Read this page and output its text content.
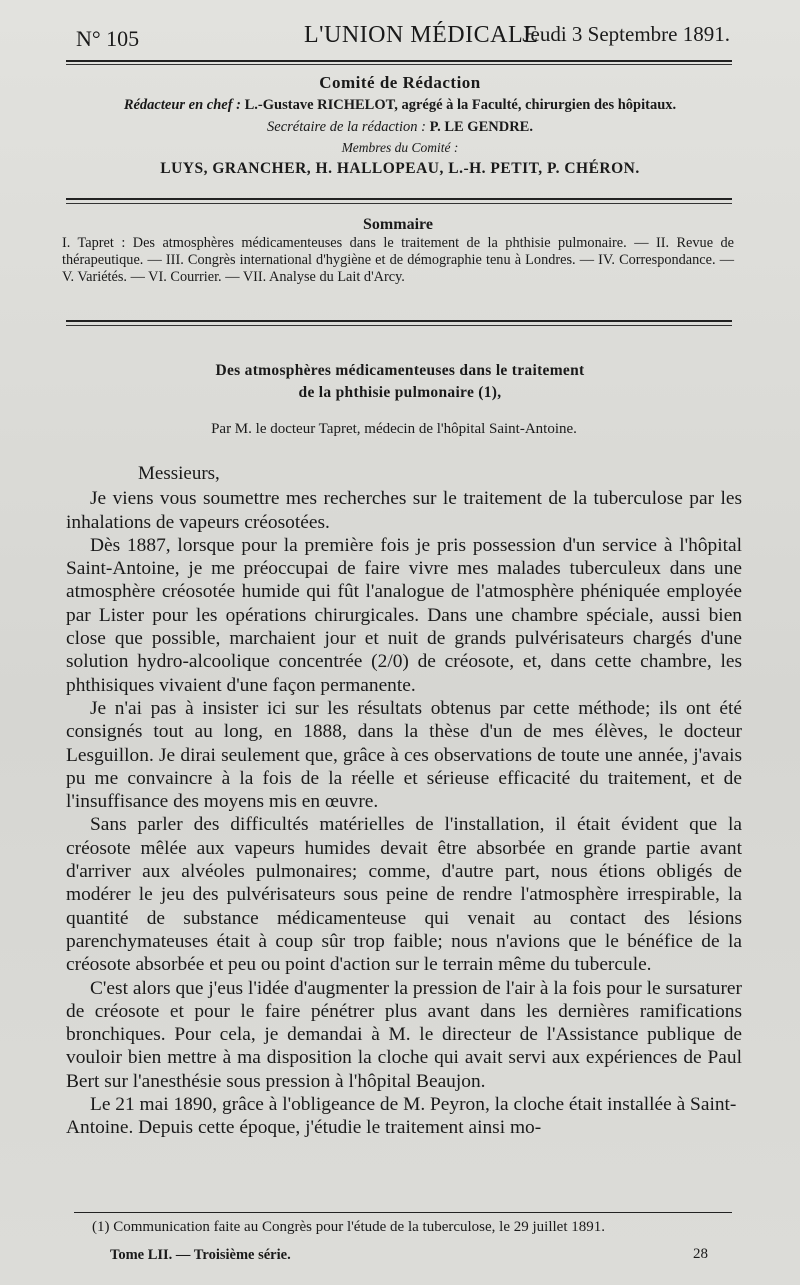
N° 105	L'UNION MÉDICALE
Jeudi 3 Septembre 1891.
Comité de Rédaction
Rédacteur en chef : L.-Gustave RICHELOT, agrégé à la Faculté, chirurgien des hôpitaux.
Secrétaire de la rédaction : P. LE GENDRE.
Membres du Comité :
LUYS, GRANCHER, H. HALLOPEAU, L.-H. PETIT, P. CHÉRON.
Sommaire
I. Tapret : Des atmosphères médicamenteuses dans le traitement de la phthisie pulmonaire. — II. Revue de thérapeutique. — III. Congrès international d'hygiène et de démographie tenu à Londres. — IV. Correspondance. — V. Variétés. — VI. Courrier. — VII. Analyse du Lait d'Arcy.
Des atmosphères médicamenteuses dans le traitement
de la phthisie pulmonaire (1),
Par M. le docteur Tapret, médecin de l'hôpital Saint-Antoine.

Messieurs,

Je viens vous soumettre mes recherches sur le traitement de la tuberculose par les inhalations de vapeurs créosotées.

Dès 1887, lorsque pour la première fois je pris possession d'un service à l'hôpital Saint-Antoine, je me préoccupai de faire vivre mes malades tuberculeux dans une atmosphère créosotée humide qui fût l'analogue de l'atmosphère phéniquée employée par Lister pour les opérations chirurgicales. Dans une chambre spéciale, aussi bien close que possible, marchaient jour et nuit de grands pulvérisateurs chargés d'une solution hydro-alcoolique concentrée (2/0) de créosote, et, dans cette chambre, les phthisiques vivaient d'une façon permanente.

Je n'ai pas à insister ici sur les résultats obtenus par cette méthode; ils ont été consignés tout au long, en 1888, dans la thèse d'un de mes élèves, le docteur Lesguillon. Je dirai seulement que, grâce à ces observations de toute une année, j'avais pu me convaincre à la fois de la réelle et sérieuse efficacité du traitement, et de l'insuffisance des moyens mis en œuvre.

Sans parler des difficultés matérielles de l'installation, il était évident que la créosote mêlée aux vapeurs humides devait être absorbée en grande partie avant d'arriver aux alvéoles pulmonaires; comme, d'autre part, nous étions obligés de modérer le jeu des pulvérisateurs sous peine de rendre l'atmosphère irrespirable, la quantité de substance médicamenteuse qui venait au contact des lésions parenchymateuses était à coup sûr trop faible; nous n'avions que le bénéfice de la créosote absorbée et peu ou point d'action sur le terrain même du tubercule.

C'est alors que j'eus l'idée d'augmenter la pression de l'air à la fois pour le sursaturer de créosote et pour le faire pénétrer plus avant dans les dernières ramifications bronchiques. Pour cela, je demandai à M. le directeur de l'Assistance publique de vouloir bien mettre à ma disposition la cloche qui avait servi aux expériences de Paul Bert sur l'anesthésie sous pression à l'hôpital Beaujon.

Le 21 mai 1890, grâce à l'obligeance de M. Peyron, la cloche était installée à Saint-Antoine. Depuis cette époque, j'étudie le traitement ainsi mo-

(1) Communication faite au Congrès pour l'étude de la tuberculose, le 29 juillet 1891.
Tome LII. — Troisième série.	28
